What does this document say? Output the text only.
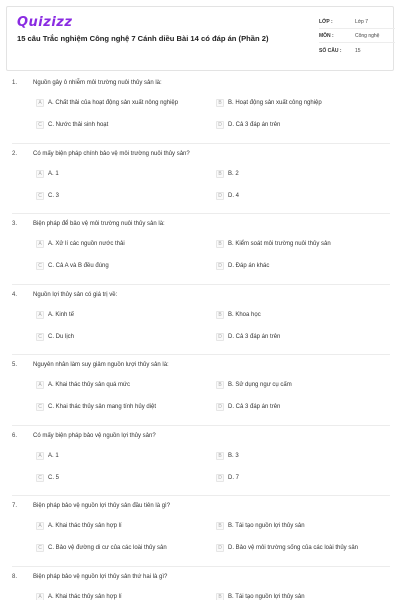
Quizizz
15 câu Trắc nghiệm Công nghệ 7 Cánh diều Bài 14 có đáp án (Phần 2)
LỚP :	Lớp 7
MÔN :	Công nghệ
SỐ CÂU :	15
1.	Nguồn gây ô nhiễm môi trường nuôi thủy sản là:
A	A. Chất thải của hoạt động sản xuất nông nghiệp	B	B. Hoạt động sản xuất công nghiệp
C	C. Nước thải sinh hoạt	D	D. Cả 3 đáp án trên
2.	Có mấy biện pháp chính bảo vệ môi trường nuôi thủy sản?
A	A. 1	B	B. 2
C	C. 3	D	D. 4
3.	Biện pháp để bảo vệ môi trường nuôi thủy sản là:
A	A. Xử lí các nguồn nước thải	B	B. Kiểm soát môi trường nuôi thủy sản
C	C. Cả A và B đều đúng	D	D. Đáp án khác
4.	Nguồn lợi thủy sản có giá trị về:
A	A. Kinh tế	B	B. Khoa học
C	C. Du lịch	D	D. Cả 3 đáp án trên
5.	Nguyên nhân làm suy giảm nguồn lượi thủy sản là:
A	A. Khai thác thủy sản quá mức	B	B. Sử dụng ngư cụ cấm
C	C. Khai thác thủy sản mang tính hủy diệt	D	D. Cả 3 đáp án trên
6.	Có mấy biện pháp bảo vệ nguồn lợi thủy sản?
A	A. 1	B	B. 3
C	C. 5	D	D. 7
7.	Biện pháp bảo vệ nguồn lợi thủy sản đầu tiên là gì?
A	A. Khai thác thủy sản hợp lí	B	B. Tái tạo nguồn lợi thủy sản
C	C. Bảo vệ đường di cư của các loài thủy sản	D	D. Bảo vệ môi trường sống của các loài thủy sản
8.	Biện pháp bảo vệ nguồn lợi thủy sản thứ hai là gì?
A	A. Khai thác thủy sản hợp lí	B	B. Tái tạo nguồn lợi thủy sản
